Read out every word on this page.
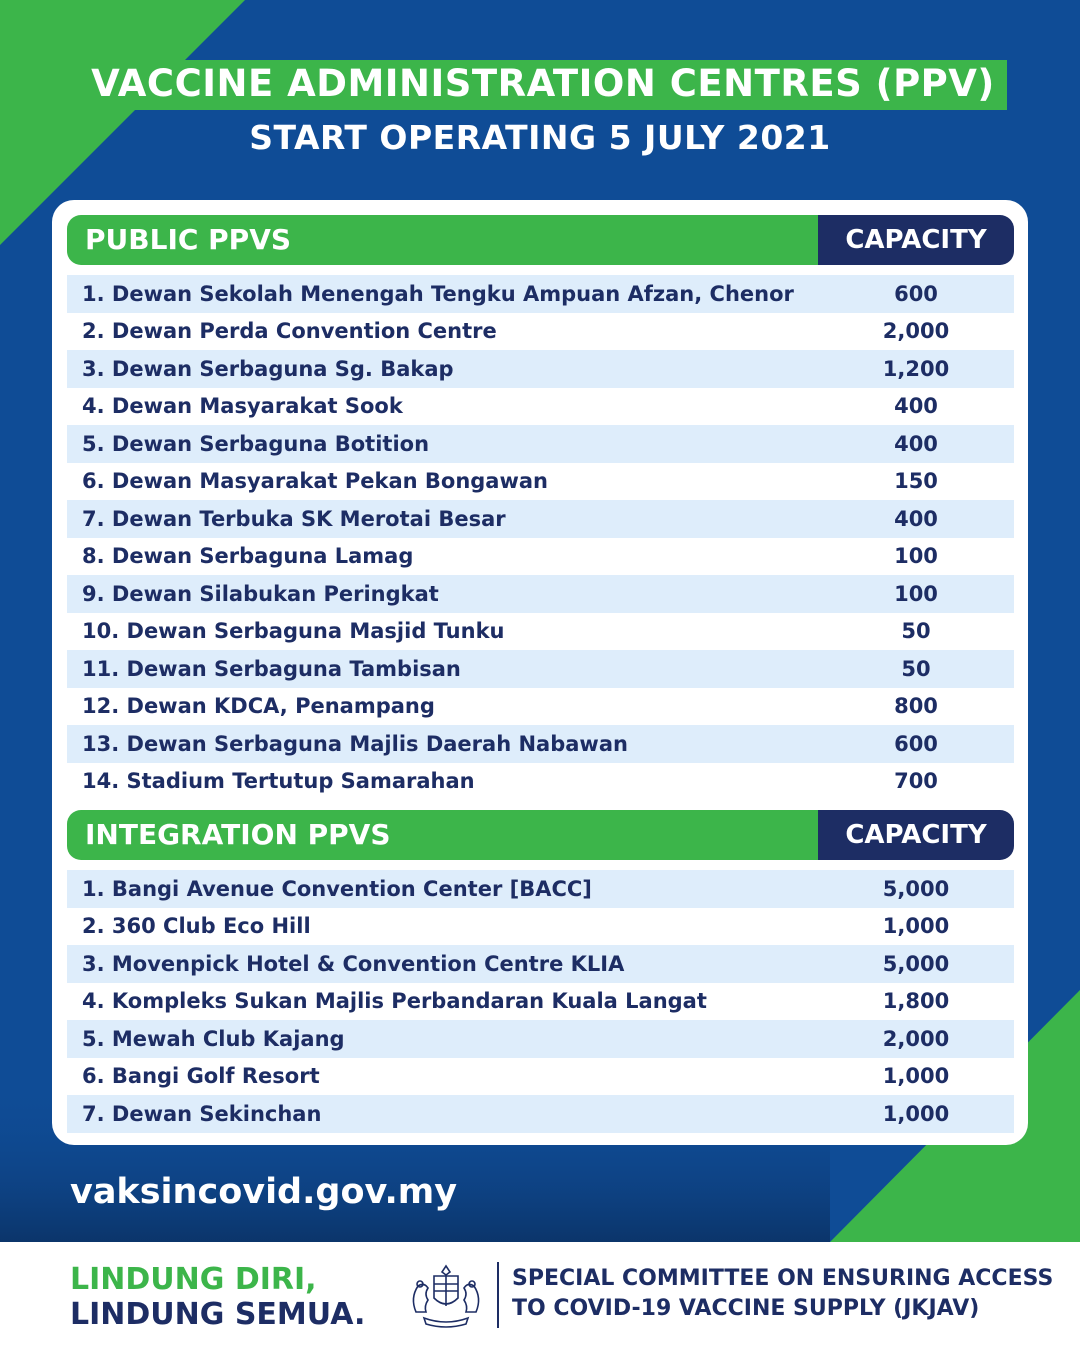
VACCINE ADMINISTRATION CENTRES (PPV)
START OPERATING 5 JULY 2021
PUBLIC PPVS	CAPACITY
1. Dewan Sekolah Menengah Tengku Ampuan Afzan, Chenor	600
2. Dewan Perda Convention Centre	2,000
3. Dewan Serbaguna Sg. Bakap	1,200
4. Dewan Masyarakat Sook	400
5. Dewan Serbaguna Botition	400
6. Dewan Masyarakat Pekan Bongawan	150
7. Dewan Terbuka SK Merotai Besar	400
8. Dewan Serbaguna Lamag	100
9. Dewan Silabukan Peringkat	100
10. Dewan Serbaguna Masjid Tunku	50
11. Dewan Serbaguna Tambisan	50
12. Dewan KDCA, Penampang	800
13. Dewan Serbaguna Majlis Daerah Nabawan	600
14. Stadium Tertutup Samarahan	700
INTEGRATION PPVS	CAPACITY
1. Bangi Avenue Convention Center [BACC]	5,000
2. 360 Club Eco Hill	1,000
3. Movenpick Hotel & Convention Centre KLIA	5,000
4. Kompleks Sukan Majlis Perbandaran Kuala Langat	1,800
5. Mewah Club Kajang	2,000
6. Bangi Golf Resort	1,000
7. Dewan Sekinchan	1,000
vaksincovid.gov.my
LINDUNG DIRI,
LINDUNG SEMUA.
SPECIAL COMMITTEE ON ENSURING ACCESS
TO COVID-19 VACCINE SUPPLY (JKJAV)
